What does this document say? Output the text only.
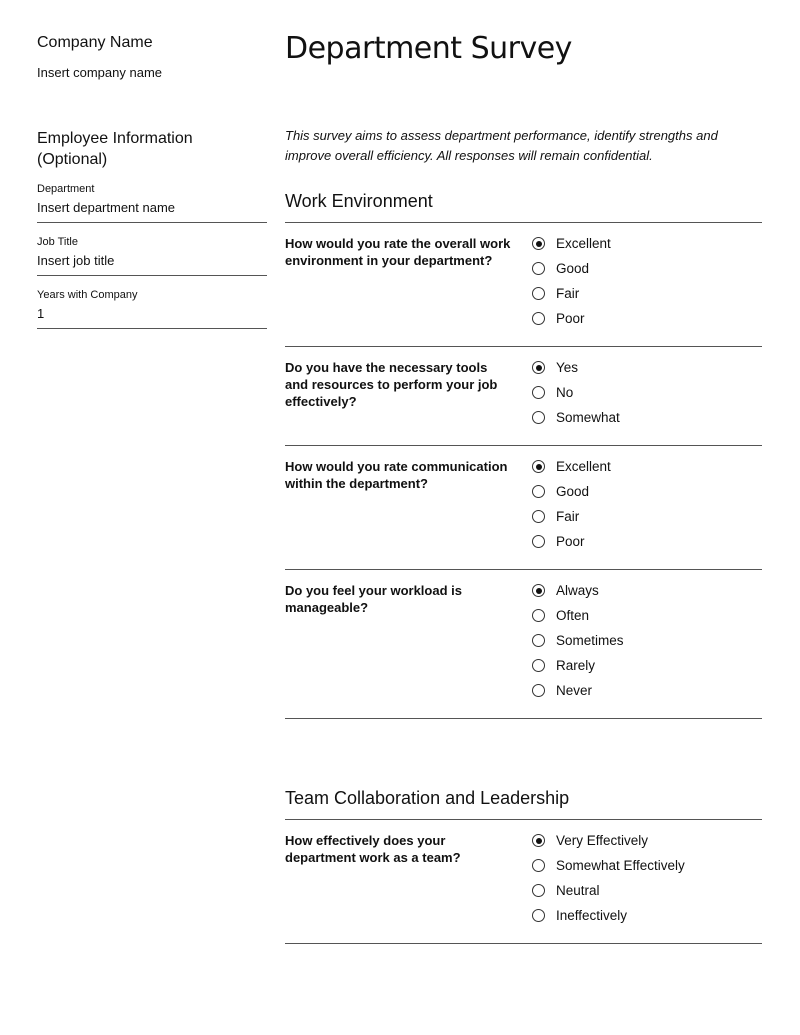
Company Name
Insert company name
Employee Information (Optional)
Department
Insert department name
Job Title
Insert job title
Years with Company
1
Department Survey
This survey aims to assess department performance, identify strengths and improve overall efficiency. All responses will remain confidential.
Work Environment
How would you rate the overall work environment in your department?
Excellent
Good
Fair
Poor
Do you have the necessary tools and resources to perform your job effectively?
Yes
No
Somewhat
How would you rate communication within the department?
Excellent
Good
Fair
Poor
Do you feel your workload is manageable?
Always
Often
Sometimes
Rarely
Never
Team Collaboration and Leadership
How effectively does your department work as a team?
Very Effectively
Somewhat Effectively
Neutral
Ineffectively
